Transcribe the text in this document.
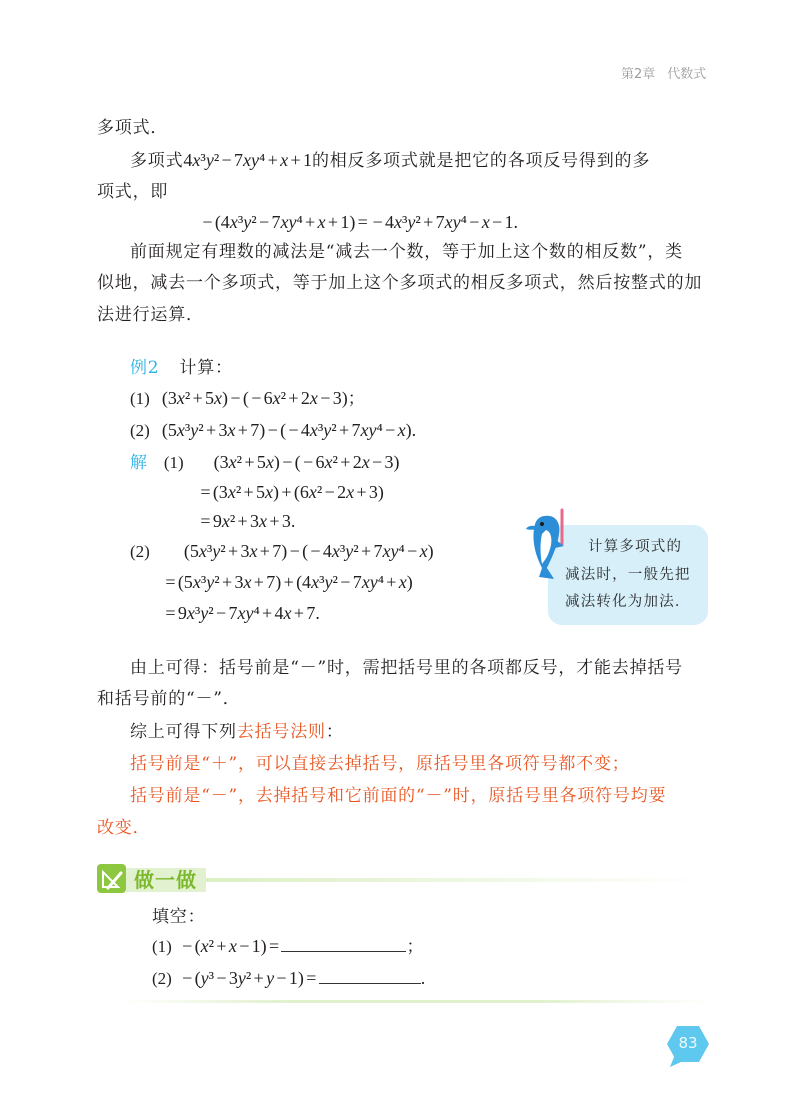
第2章 代数式
多项式．
多项式4x³y² − 7xy⁴ + x + 1的相反多项式就是把它的各项反号得到的多
项式，即
− (4x³y² − 7xy⁴ + x + 1) = − 4x³y² + 7xy⁴ − x − 1.
前面规定有理数的减法是“减去一个数，等于加上这个数的相反数”，类
似地，减去一个多项式，等于加上这个多项式的相反多项式，然后按整式的加
法进行运算．
例2 计算：
(1) (3x² + 5x) − ( − 6x² + 2x − 3)；
(2) (5x³y² + 3x + 7) − ( − 4x³y² + 7xy⁴ − x).
解 (1) (3x² + 5x) − ( − 6x² + 2x − 3)
= (3x² + 5x) + (6x² − 2x + 3)
= 9x² + 3x + 3.
(2) (5x³y² + 3x + 7) − ( − 4x³y² + 7xy⁴ − x)
= (5x³y² + 3x + 7) + (4x³y² − 7xy⁴ + x)
= 9x³y² − 7xy⁴ + 4x + 7.
计算多项式的
减法时，一般先把
减法转化为加法．
由上可得：括号前是“－”时，需把括号里的各项都反号，才能去掉括号
和括号前的“－”．
综上可得下列去括号法则：
括号前是“＋”，可以直接去掉括号，原括号里各项符号都不变；
括号前是“－”，去掉括号和它前面的“－”时，原括号里各项符号均要
改变．
做一做
填空：
(1) − (x² + x − 1) =	；
(2) − (y³ − 3y² + y − 1) =	.
83
